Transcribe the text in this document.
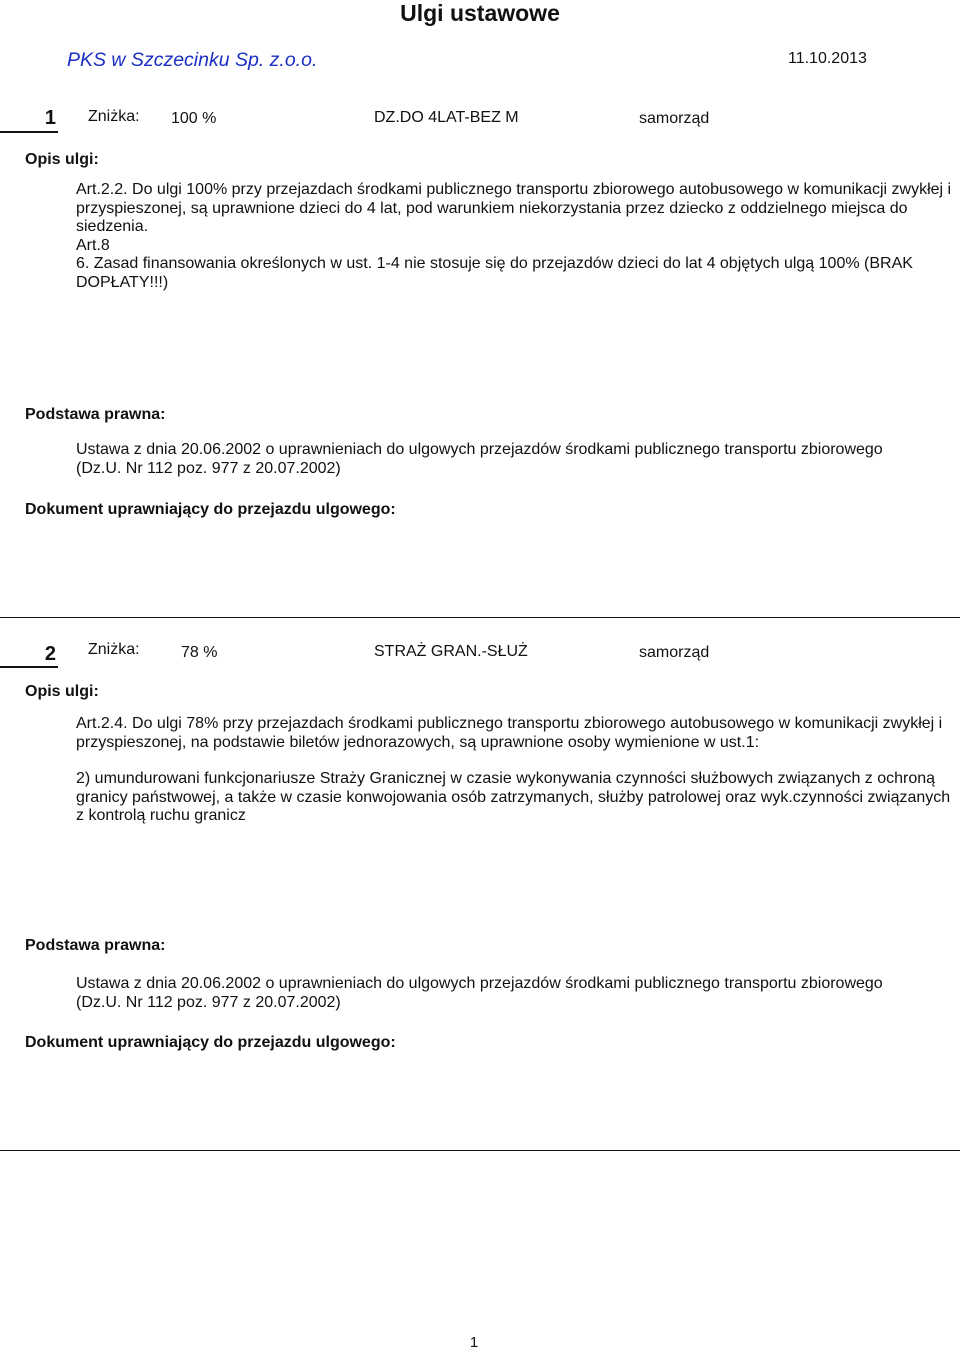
Ulgi ustawowe
PKS w Szczecinku Sp. z.o.o.	11.10.2013
1 Zniżka: 100 %	DZ.DO 4LAT-BEZ M	samorząd
Opis ulgi:

Art.2.2. Do ulgi 100% przy przejazdach środkami publicznego transportu zbiorowego autobusowego w komunikacji zwykłej i przyspieszonej, są uprawnione dzieci do 4 lat, pod warunkiem niekorzystania przez dziecko z oddzielnego miejsca do siedzenia.

Art.8

6. Zasad finansowania określonych w ust. 1-4 nie stosuje się do przejazdów dzieci do lat 4 objętych ulgą 100% (BRAK DOPŁATY!!!)

Podstawa prawna:

Ustawa z dnia 20.06.2002 o uprawnieniach do ulgowych przejazdów środkami publicznego transportu zbiorowego

(Dz.U. Nr 112 poz. 977 z 20.07.2002)

Dokument uprawniający do przejazdu ulgowego:
2 Zniżka:	78 %	STRAŻ GRAN.-SŁUŻ	samorząd
Opis ulgi:

Art.2.4. Do ulgi 78% przy przejazdach środkami publicznego transportu zbiorowego autobusowego w komunikacji zwykłej i przyspieszonej, na podstawie biletów jednorazowych, są uprawnione osoby wymienione w ust.1:

2) umundurowani funkcjonariusze Straży Granicznej w czasie wykonywania czynności służbowych związanych z ochroną granicy państwowej, a także w czasie konwojowania osób zatrzymanych, służby patrolowej oraz wyk.czynności związanych z kontrolą ruchu granicz

Podstawa prawna:

Ustawa z dnia 20.06.2002 o uprawnieniach do ulgowych przejazdów środkami publicznego transportu zbiorowego

(Dz.U. Nr 112 poz. 977 z 20.07.2002)

Dokument uprawniający do przejazdu ulgowego:
1
